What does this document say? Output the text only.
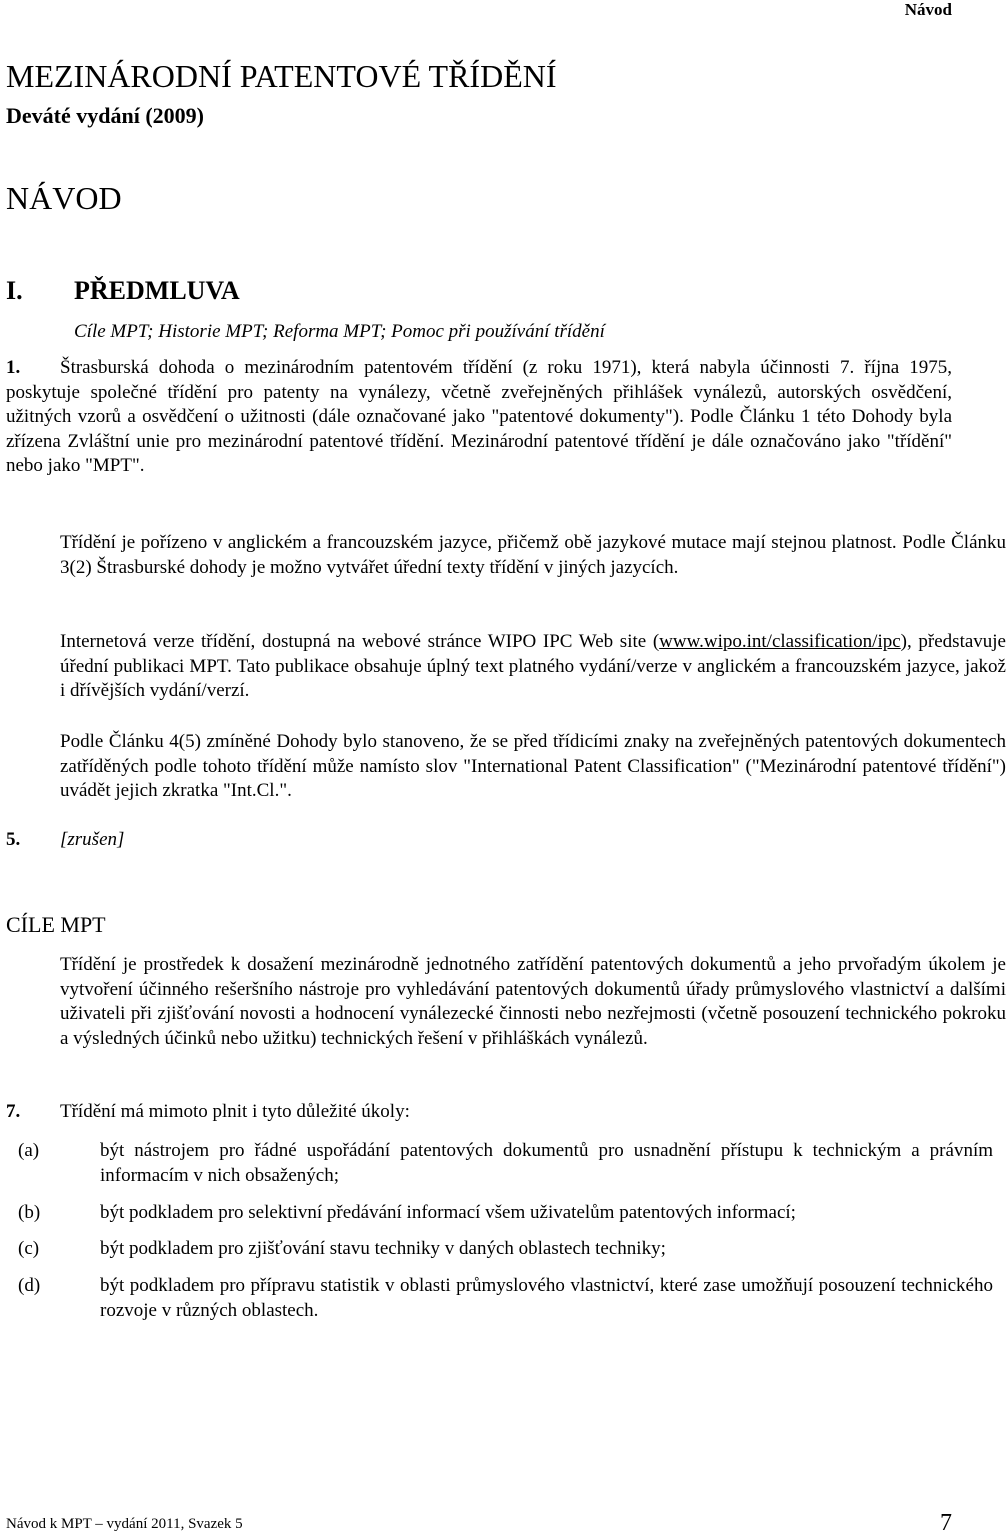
Návod
MEZINÁRODNÍ PATENTOVÉ TŘÍDĚNÍ
Deváté vydání (2009)
NÁVOD
I. PŘEDMLUVA
Cíle MPT; Historie MPT; Reforma MPT; Pomoc při používání třídění
1. Štrasburská dohoda o mezinárodním patentovém třídění (z roku 1971), která nabyla účinnosti 7. října 1975, poskytuje společné třídění pro patenty na vynálezy, včetně zveřejněných přihlášek vynálezů, autorských osvědčení, užitných vzorů a osvědčení o užitnosti (dále označované jako "patentové dokumenty"). Podle Článku 1 této Dohody byla zřízena Zvláštní unie pro mezinárodní patentové třídění. Mezinárodní patentové třídění je dále označováno jako "třídění" nebo jako "MPT".
Třídění je pořízeno v anglickém a francouzském jazyce, přičemž obě jazykové mutace mají stejnou platnost. Podle Článku 3(2) Štrasburské dohody je možno vytvářet úřední texty třídění v jiných jazycích.
Internetová verze třídění, dostupná na webové stránce WIPO IPC Web site (www.wipo.int/classification/ipc), představuje úřední publikaci MPT. Tato publikace obsahuje úplný text platného vydání/verze v anglickém a francouzském jazyce, jakož i dřívějších vydání/verzí.
Podle Článku 4(5) zmíněné Dohody bylo stanoveno, že se před třídicími znaky na zveřejněných patentových dokumentech zatříděných podle tohoto třídění může namísto slov "International Patent Classification" ("Mezinárodní patentové třídění") uvádět jejich zkratka "Int.Cl.".
5. [zrušen]
CÍLE MPT
Třídění je prostředek k dosažení mezinárodně jednotného zatřídění patentových dokumentů a jeho prvořadým úkolem je vytvoření účinného rešeršního nástroje pro vyhledávání patentových dokumentů úřady průmyslového vlastnictví a dalšími uživateli při zjišťování novosti a hodnocení vynálezecké činnosti nebo nezřejmosti (včetně posouzení technického pokroku a výsledných účinků nebo užitku) technických řešení v přihláškách vynálezů.
7. Třídění má mimoto plnit i tyto důležité úkoly:
(a)	být nástrojem pro řádné uspořádání patentových dokumentů pro usnadnění přístupu k technickým a právním informacím v nich obsažených;
(b)	být podkladem pro selektivní předávání informací všem uživatelům patentových informací;
(c)	být podkladem pro zjišťování stavu techniky v daných oblastech techniky;
(d)	být podkladem pro přípravu statistik v oblasti průmyslového vlastnictví, které zase umožňují posouzení technického rozvoje v různých oblastech.
Návod k MPT – vydání 2011, Svazek 5	7
